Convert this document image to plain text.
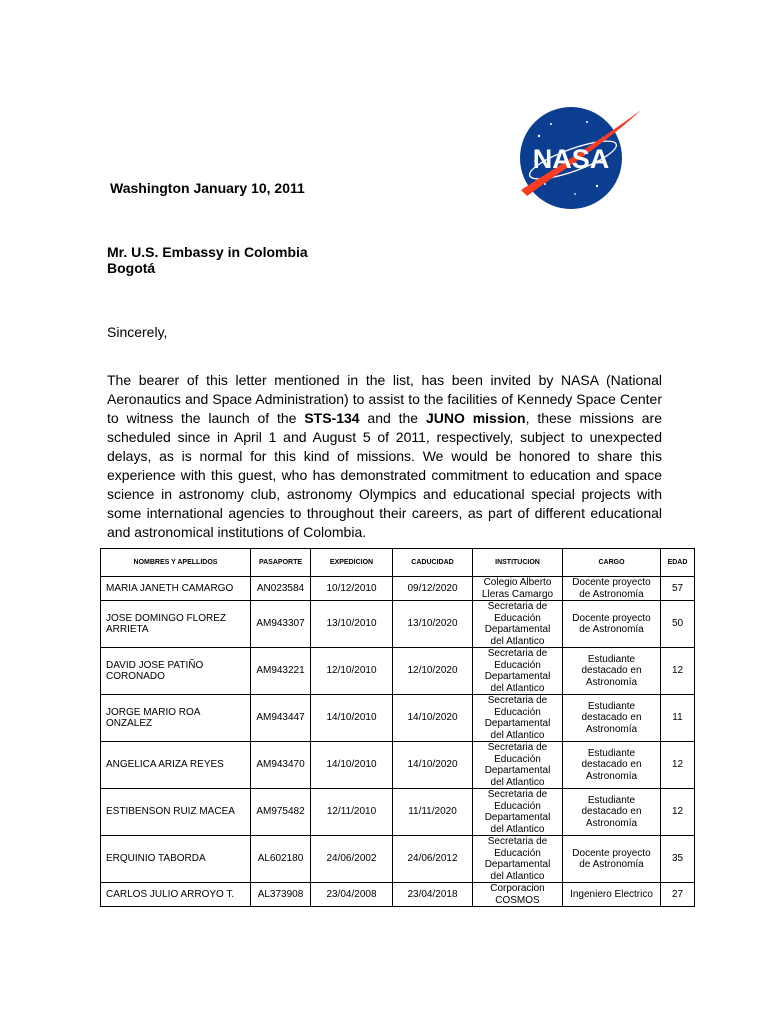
NASA
Washington January 10, 2011
Mr. U.S. Embassy in Colombia
Bogotá
Sincerely,

The bearer of this letter mentioned in the list, has been invited by NASA (National Aeronautics and Space Administration) to assist to the facilities of Kennedy Space Center to witness the launch of the STS-134 and the JUNO mission, these missions are scheduled since in April 1 and August 5 of 2011, respectively, subject to unexpected delays, as is normal for this kind of missions. We would be honored to share this experience with this guest, who has demonstrated commitment to education and space science in astronomy club, astronomy Olympics and educational special projects with some international agencies to throughout their careers, as part of different educational and astronomical institutions of Colombia.

NOMBRES Y APELLIDOS	PASAPORTE	EXPEDICION	CADUCIDAD	INSTITUCION	CARGO	EDAD
MARIA JANETH CAMARGO	AN023584	10/12/2010	09/12/2020	Colegio Alberto Lleras Camargo	Docente proyecto de Astronomía	57
JOSE DOMINGO FLOREZ ARRIETA	AM943307	13/10/2010	13/10/2020	Secretaria de Educación Departamental del Atlantico	Docente proyecto de Astronomía	50
DAVID JOSE PATIÑO CORONADO	AM943221	12/10/2010	12/10/2020	Secretaria de Educación Departamental del Atlantico	Estudiante destacado en Astronomía	12
JORGE MARIO ROA ONZALEZ	AM943447	14/10/2010	14/10/2020	Secretaria de Educación Departamental del Atlantico	Estudiante destacado en Astronomía	11
ANGELICA ARIZA REYES	AM943470	14/10/2010	14/10/2020	Secretaria de Educación Departamental del Atlantico	Estudiante destacado en Astronomía	12
ESTIBENSON RUIZ MACEA	AM975482	12/11/2010	11/11/2020	Secretaria de Educación Departamental del Atlantico	Estudiante destacado en Astronomía	12
ERQUINIO TABORDA	AL602180	24/06/2002	24/06/2012	Secretaria de Educación Departamental del Atlantico	Docente proyecto de Astronomía	35
CARLOS JULIO ARROYO T.	AL373908	23/04/2008	23/04/2018	Corporacion COSMOS	Ingeniero Electrico	27
